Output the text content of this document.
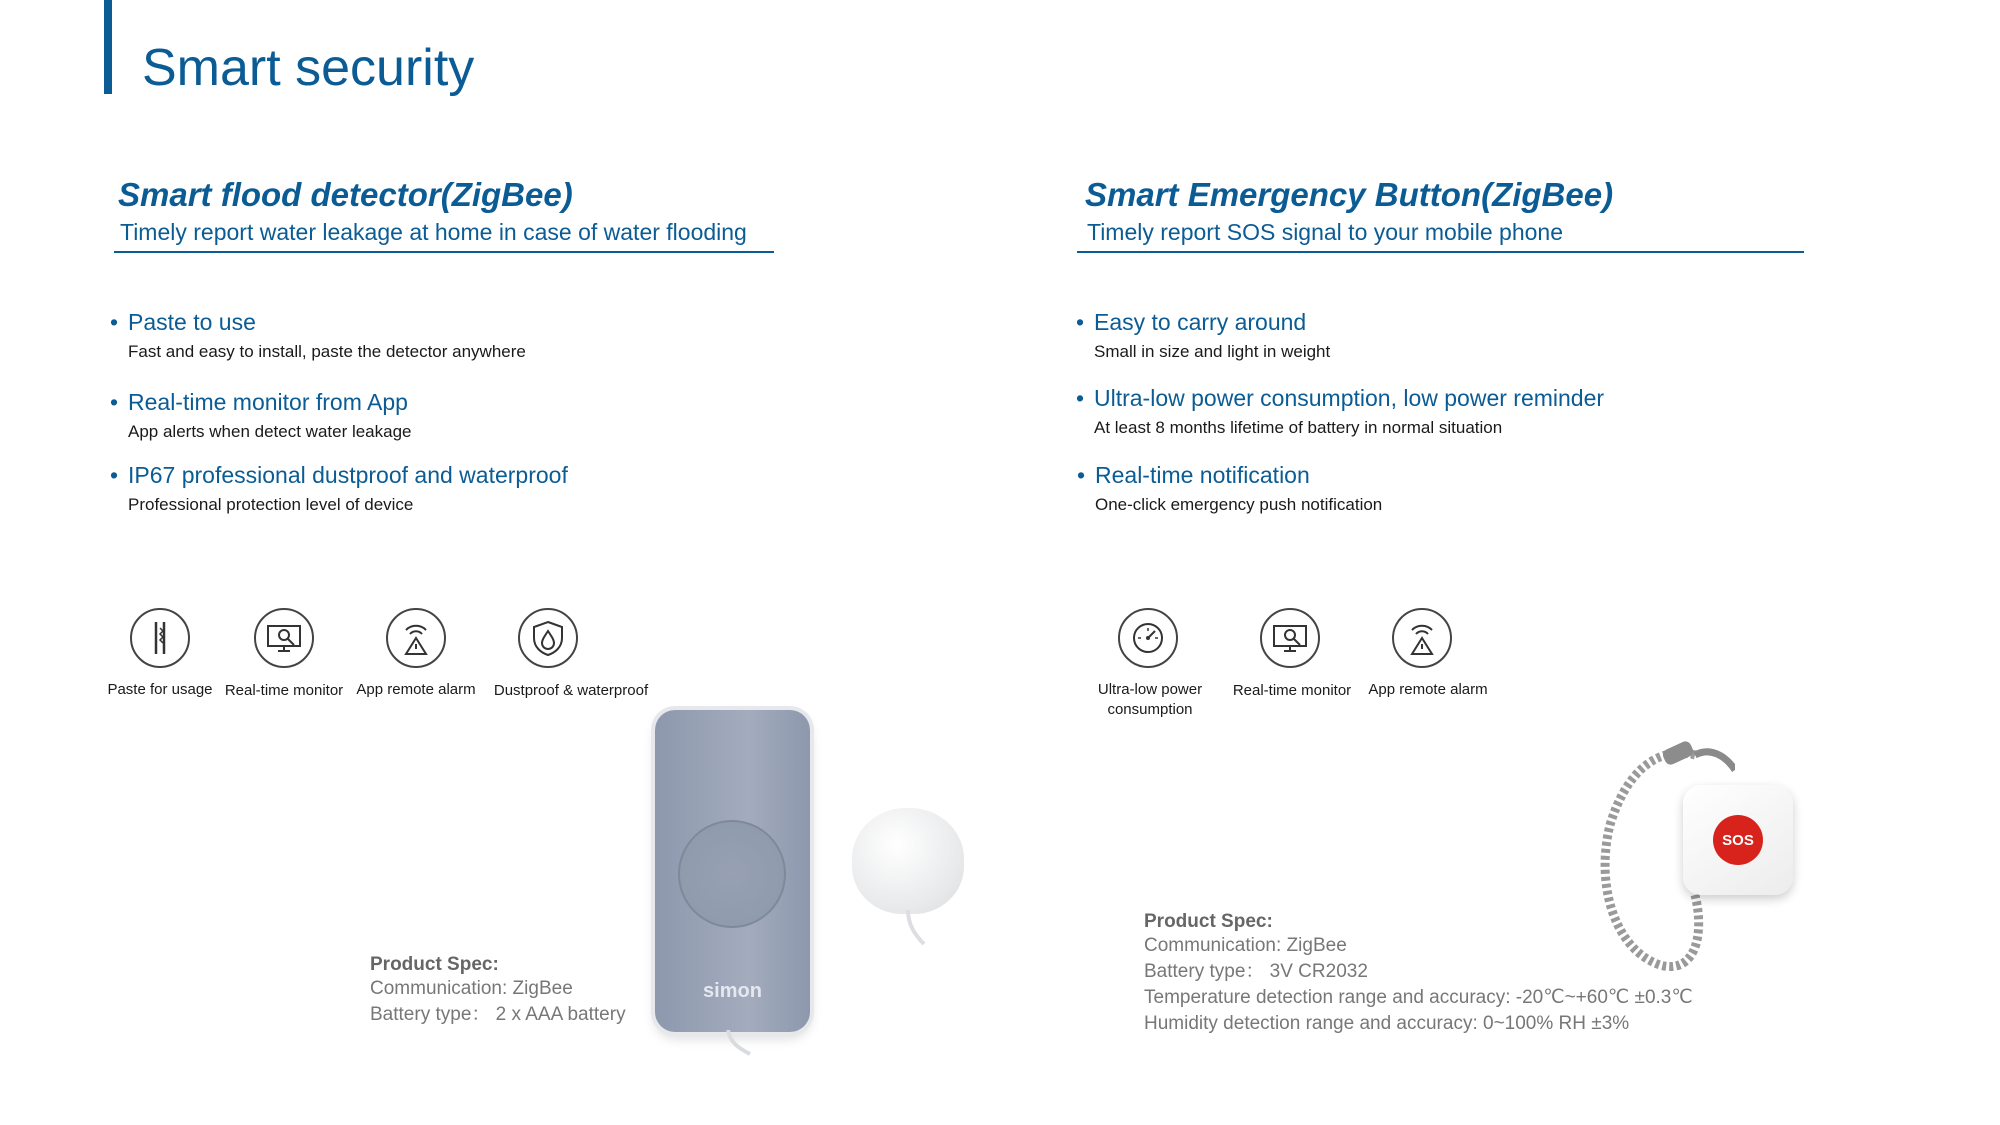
Smart security
Smart flood detector(ZigBee)
Timely report water leakage at home in case of water flooding
• Paste to use
Fast and easy to install, paste the detector anywhere
• Real-time monitor from App
App alerts when detect water leakage
• IP67 professional dustproof and waterproof
Professional protection level of device
Paste for usage Real-time monitor App remote alarm	Dustproof & waterproof
simon
Product Spec:
Communication: ZigBee
Battery type： 2 x AAA battery
Smart Emergency Button(ZigBee)
Timely report SOS signal to your mobile phone
• Easy to carry around
Small in size and light in weight
• Ultra-low power consumption, low power reminder
At least 8 months lifetime of battery in normal situation
• Real-time notification
One-click emergency push notification
Ultra-low power
consumption
Real-time monitor	App remote alarm
SOS
Product Spec:
Communication: ZigBee
Battery type： 3V CR2032
Temperature detection range and accuracy: -20℃~+60℃ ±0.3℃
Humidity detection range and accuracy: 0~100% RH ±3%
